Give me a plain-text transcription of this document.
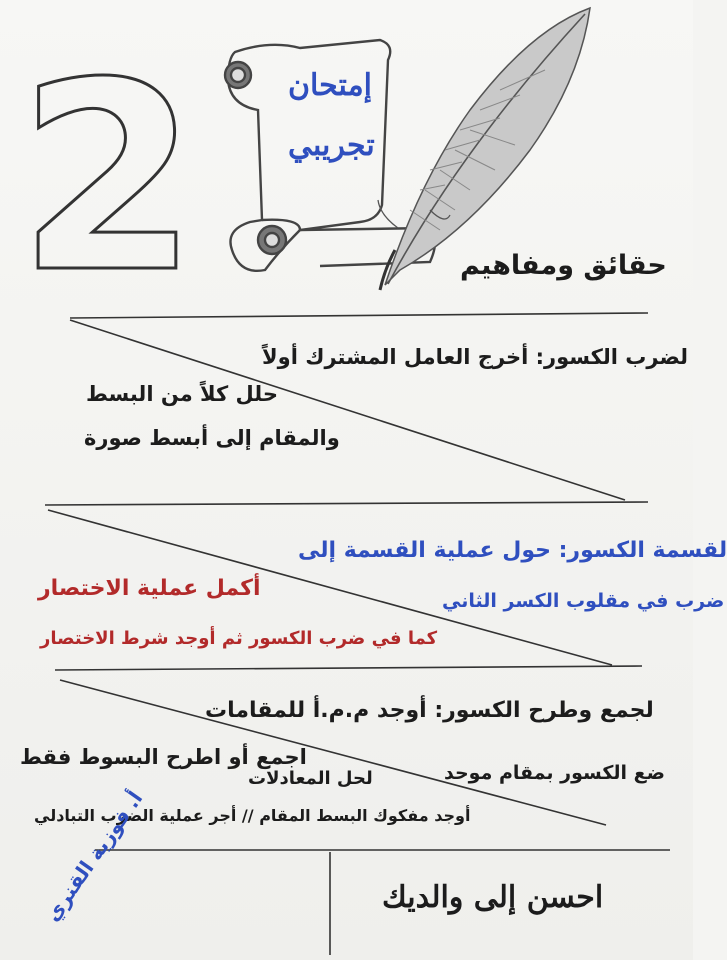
2	إمتحان
تجريبي
حقائق ومفاهيم
لضرب الكسور: أخرج العامل المشترك أولاً
حلل كلاً من البسط
والمقام إلى أبسط صورة
لقسمة الكسور: حول عملية القسمة إلى
ضرب في مقلوب الكسر الثاني
أكمل عملية الاختصار
كما في ضرب الكسور ثم أوجد شرط الاختصار
لجمع وطرح الكسور: أوجد م.م.أ للمقامات
ضع الكسور بمقام موحد
اجمع أو اطرح البسوط فقط
لحل المعادلات
أوجد مفكوك البسط المقام // أجر عملية الضرب التبادلي
احسن إلى والديك
أ. فوزية القنري
